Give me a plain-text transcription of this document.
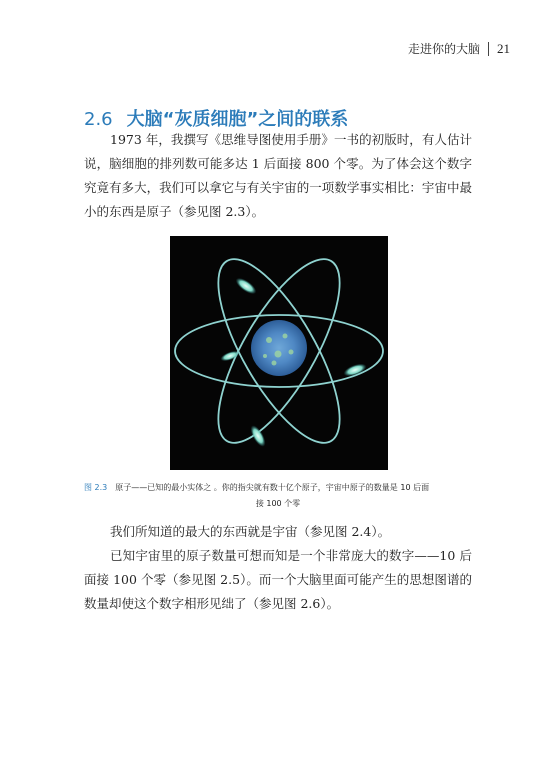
走进你的大脑 21
2.6 大脑“灰质细胞”之间的联系

1973 年，我撰写《思维导图使用手册》一书的初版时，有人估计说，脑细胞的排列数可能多达 1 后面接 800 个零。为了体会这个数字究竟有多大，我们可以拿它与有关宇宙的一项数学事实相比：宇宙中最小的东西是原子（参见图 2.3）。

图 2.3 原子——已知的最小实体之 。你的指尖就有数十亿个原子，宇宙中原子的数量是 10 后面
接 100 个零

我们所知道的最大的东西就是宇宙（参见图 2.4）。

已知宇宙里的原子数量可想而知是一个非常庞大的数字——10 后面接 100 个零（参见图 2.5）。而一个大脑里面可能产生的思想图谱的数量却使这个数字相形见绌了（参见图 2.6）。
